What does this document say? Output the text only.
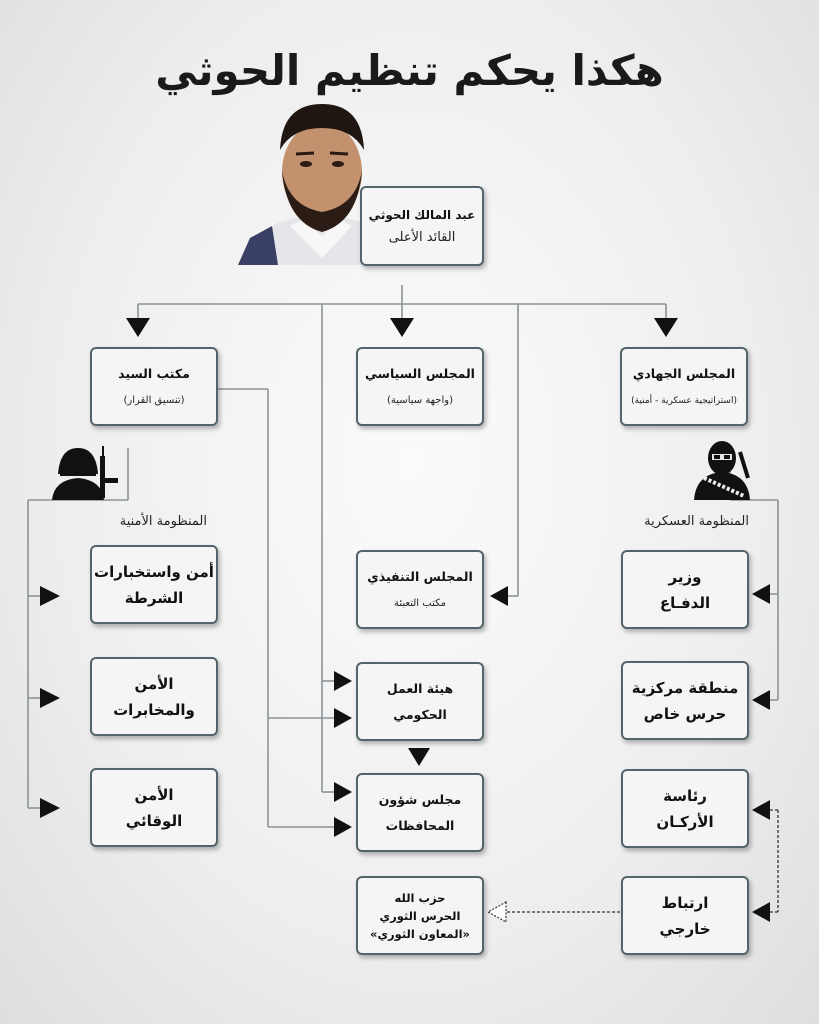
هكذا يحكم تنظيم الحوثي
عبد المالك الحوثي
القائد الأعلى
مكتب السيد
(تنسيق القرار)
المجلس السياسي
(واجهة سياسية)
المجلس الجهادي
(استراتيجية عسكرية - أمنية)
المنظومة الأمنية	المنظومة العسكرية
أمن واستخبارات
الشرطة
الأمن
والمخابرات
الأمن
الوقائي
المجلس التنفيذي
مكتب التعبئة
هيئة العمل
الحكومي
مجلس شؤون
المحافظات
حزب الله
الحرس الثوري
«المعاون الثوري»
وزير
الدفـاع
منطقة مركزية
حرس خاص
رئاسة
الأركـان
ارتباط
خارجي
